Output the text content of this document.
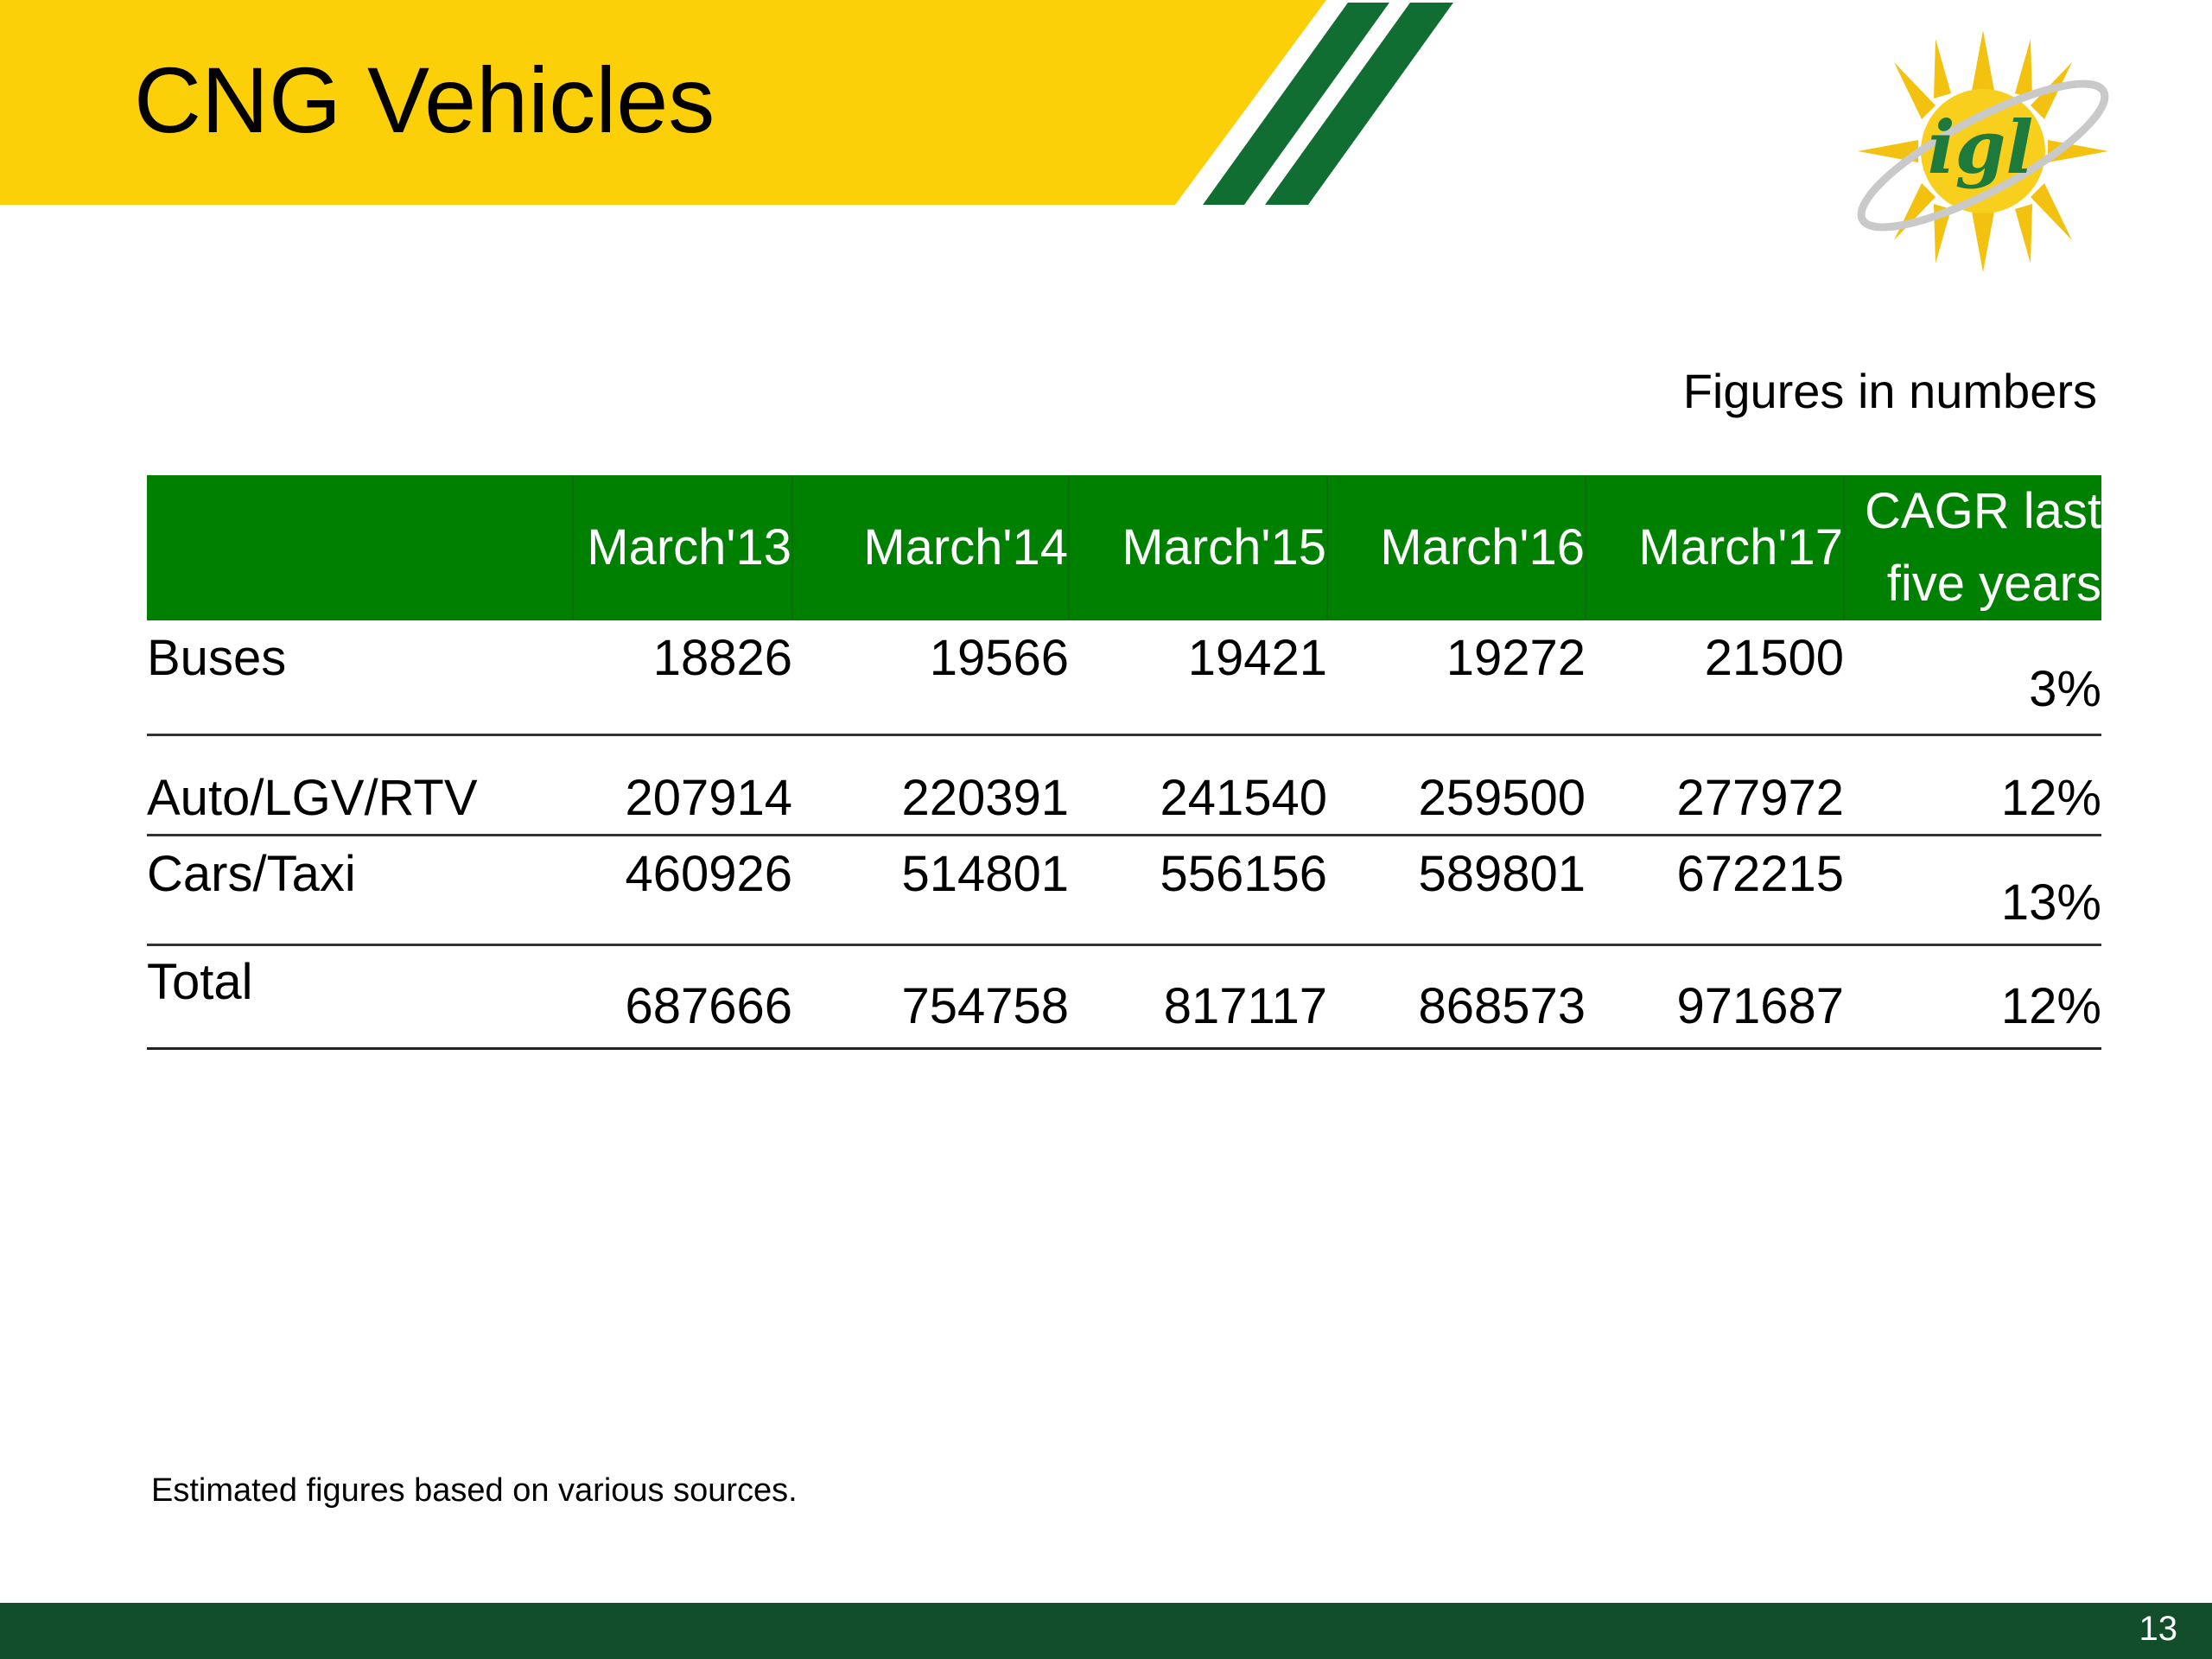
CNG Vehicles	igl
Figures in numbers
	March'13	March'14	March'15	March'16	March'17	CAGR last five years
Buses	18826	19566	19421	19272	21500	3%
Auto/LGV/RTV	207914	220391	241540	259500	277972	12%
Cars/Taxi	460926	514801	556156	589801	672215	13%
Total	687666	754758	817117	868573	971687	12%
Estimated figures based on various sources.
13
